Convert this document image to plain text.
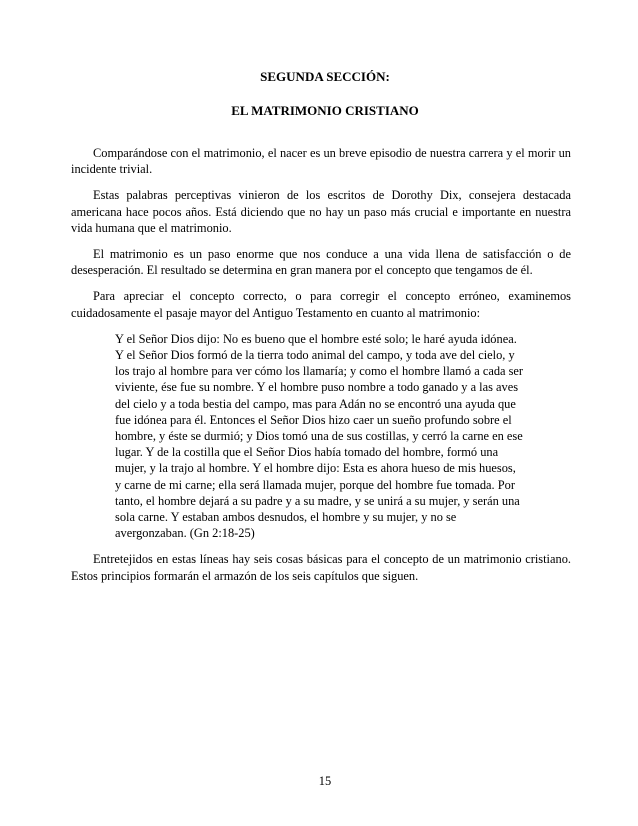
SEGUNDA SECCIÓN:
EL MATRIMONIO CRISTIANO

Comparándose con el matrimonio, el nacer es un breve episodio de nuestra carrera y el morir un incidente trivial.

Estas palabras perceptivas vinieron de los escritos de Dorothy Dix, consejera destacada americana hace pocos años. Está diciendo que no hay un paso más crucial e importante en nuestra vida humana que el matrimonio.

El matrimonio es un paso enorme que nos conduce a una vida llena de satisfacción o de desesperación. El resultado se determina en gran manera por el concepto que tengamos de él.

Para apreciar el concepto correcto, o para corregir el concepto erróneo, examinemos cuidadosamente el pasaje mayor del Antiguo Testamento en cuanto al matrimonio:

Y el Señor Dios dijo: No es bueno que el hombre esté solo; le haré ayuda idónea.
Y el Señor Dios formó de la tierra todo animal del campo, y toda ave del cielo, y
los trajo al hombre para ver cómo los llamaría; y como el hombre llamó a cada ser
viviente, ése fue su nombre. Y el hombre puso nombre a todo ganado y a las aves
del cielo y a toda bestia del campo, mas para Adán no se encontró una ayuda que
fue idónea para él. Entonces el Señor Dios hizo caer un sueño profundo sobre el
hombre, y éste se durmió; y Dios tomó una de sus costillas, y cerró la carne en ese
lugar. Y de la costilla que el Señor Dios había tomado del hombre, formó una
mujer, y la trajo al hombre. Y el hombre dijo: Esta es ahora hueso de mis huesos,
y carne de mi carne; ella será llamada mujer, porque del hombre fue tomada. Por
tanto, el hombre dejará a su padre y a su madre, y se unirá a su mujer, y serán una
sola carne. Y estaban ambos desnudos, el hombre y su mujer, y no se
avergonzaban. (Gn 2:18-25)

Entretejidos en estas líneas hay seis cosas básicas para el concepto de un matrimonio cristiano. Estos principios formarán el armazón de los seis capítulos que siguen.

15
